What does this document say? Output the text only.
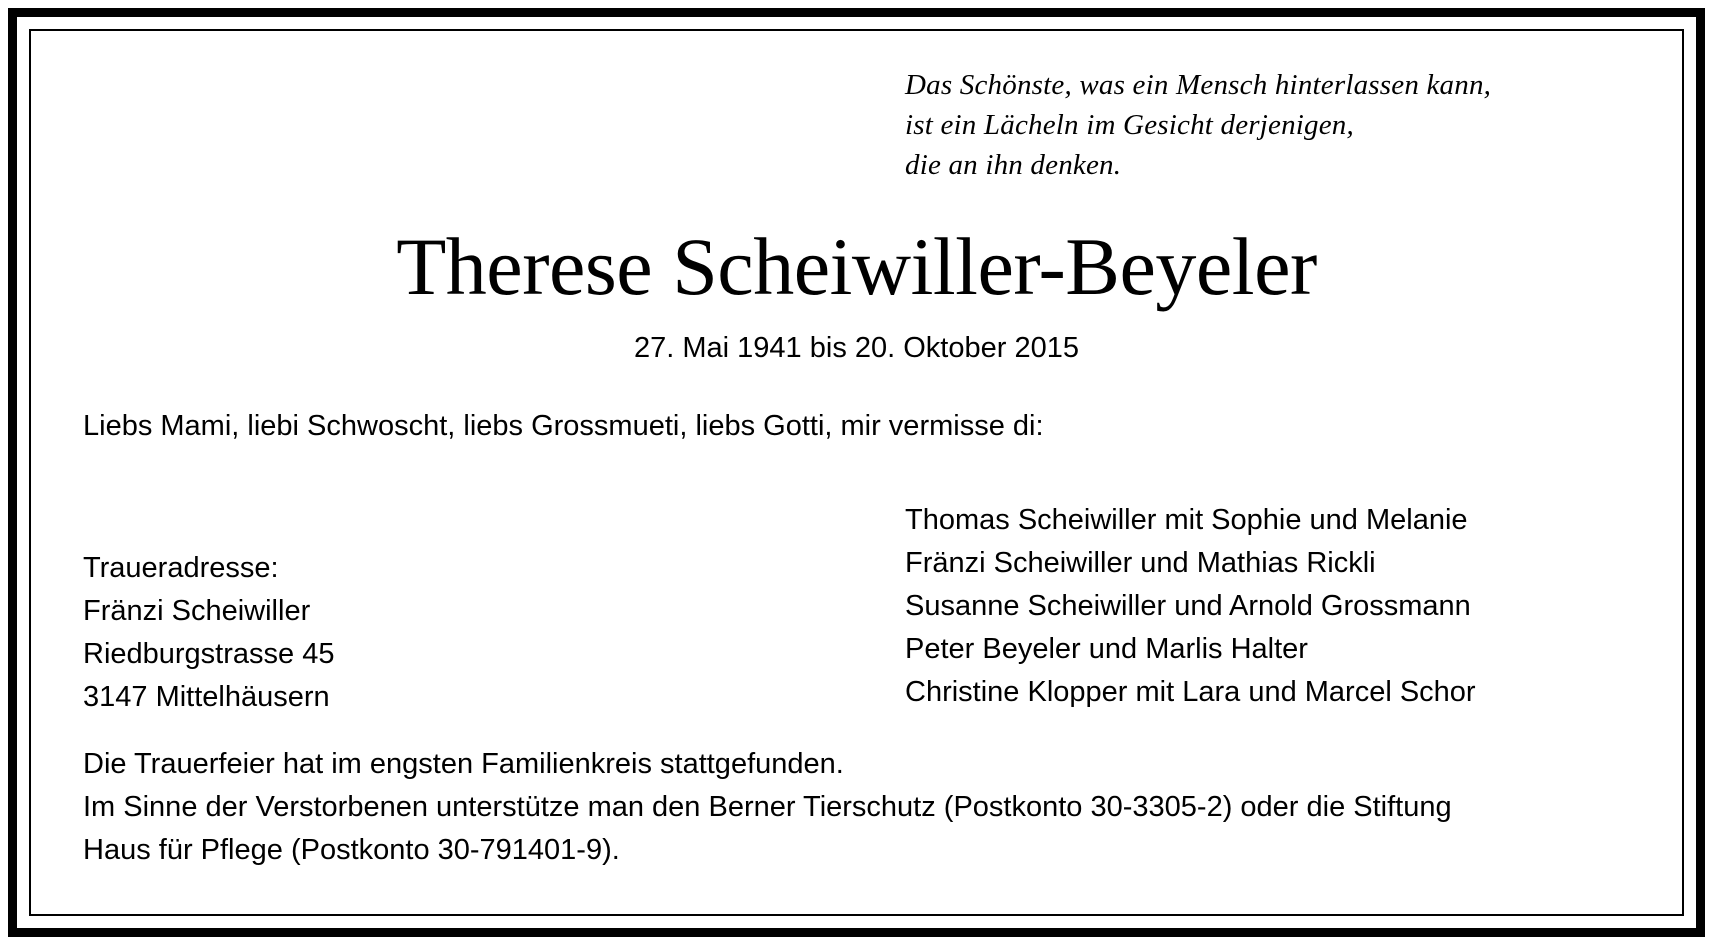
Das Schönste, was ein Mensch hinterlassen kann,
ist ein Lächeln im Gesicht derjenigen,
die an ihn denken.
Therese Scheiwiller-Beyeler
27. Mai 1941 bis 20. Oktober 2015
Liebs Mami, liebi Schwoscht, liebs Grossmueti, liebs Gotti, mir vermisse di:
Traueradresse:
Fränzi Scheiwiller
Riedburgstrasse 45
3147 Mittelhäusern
Thomas Scheiwiller mit Sophie und Melanie
Fränzi Scheiwiller und Mathias Rickli
Susanne Scheiwiller und Arnold Grossmann
Peter Beyeler und Marlis Halter
Christine Klopper mit Lara und Marcel Schor
Die Trauerfeier hat im engsten Familienkreis stattgefunden.
Im Sinne der Verstorbenen unterstütze man den Berner Tierschutz (Postkonto 30-3305-2) oder die Stiftung
Haus für Pflege (Postkonto 30-791401-9).
